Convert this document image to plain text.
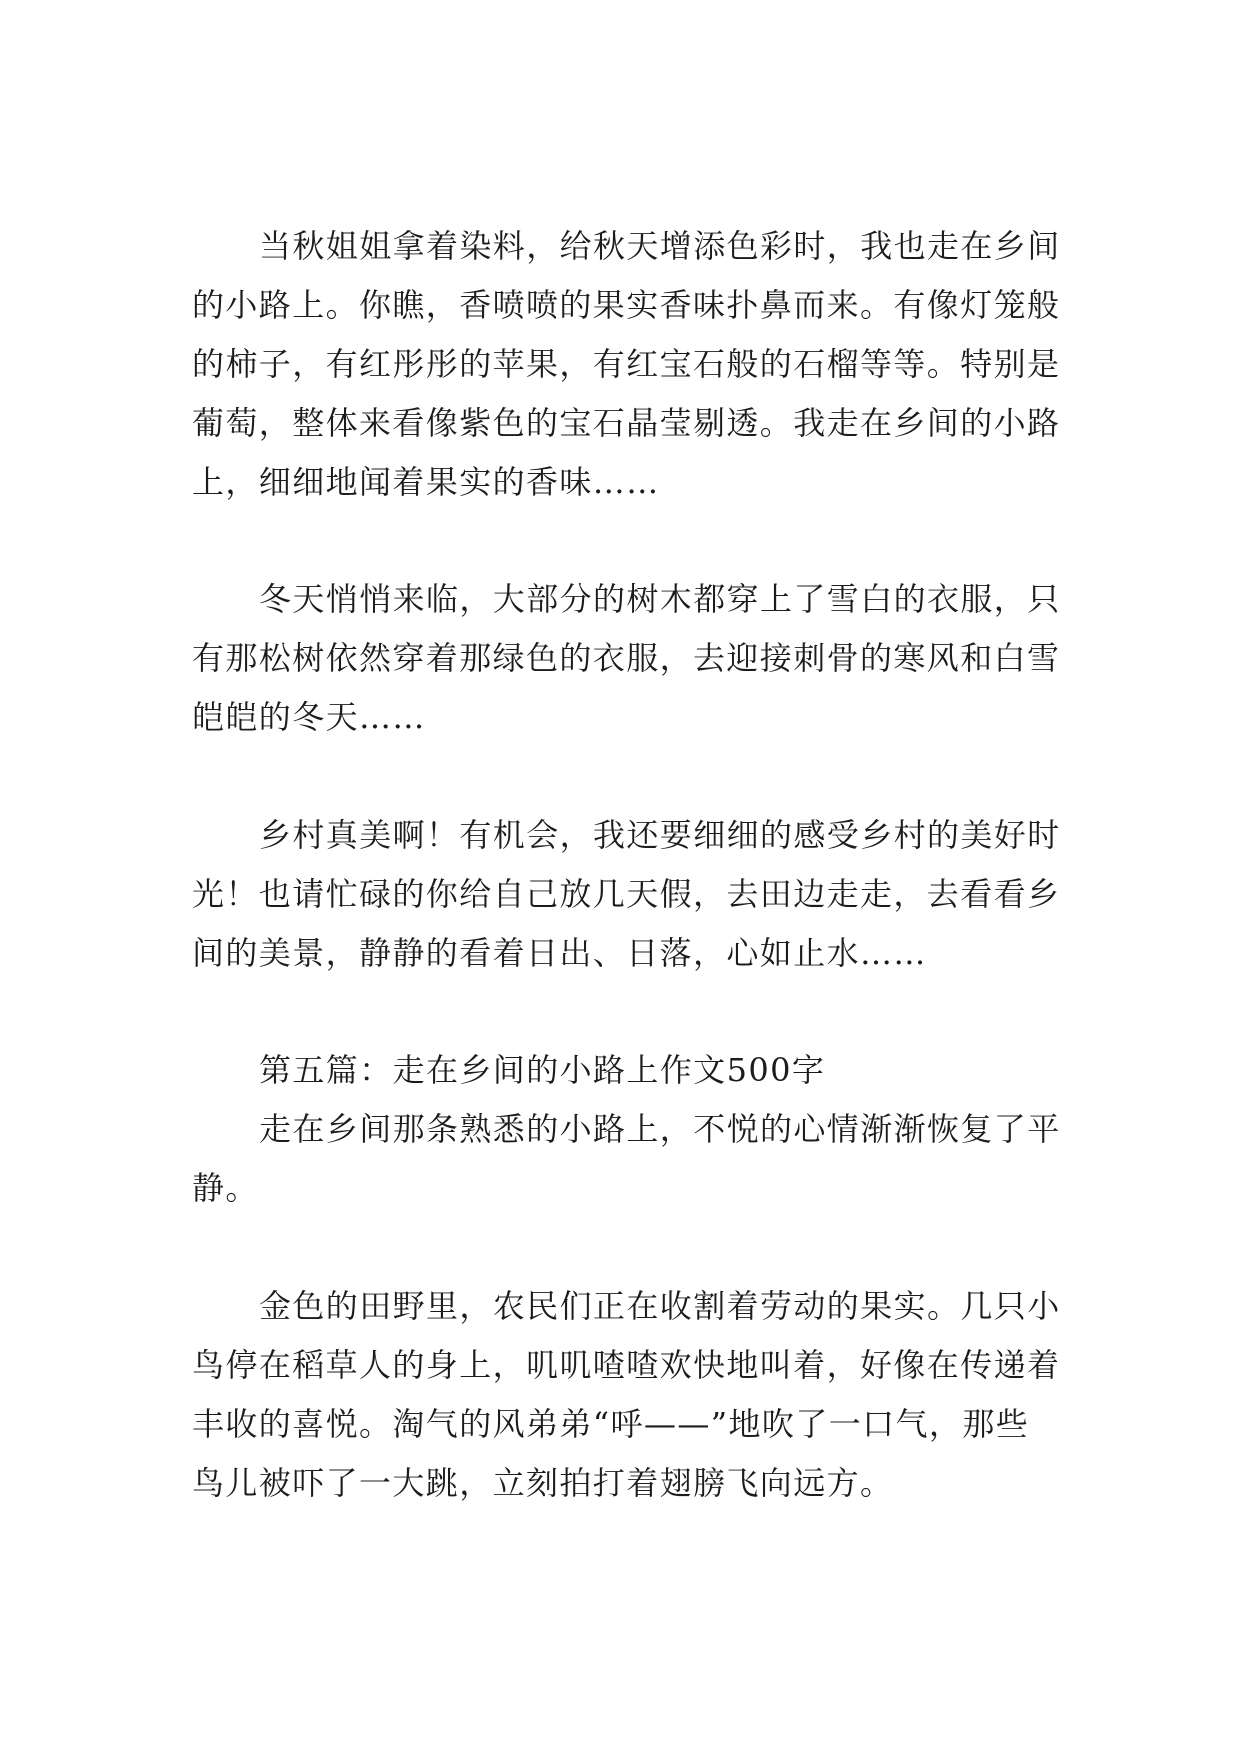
当秋姐姐拿着染料，给秋天增添色彩时，我也走在乡间
的小路上。你瞧，香喷喷的果实香味扑鼻而来。有像灯笼般
的柿子，有红彤彤的苹果，有红宝石般的石榴等等。特别是
葡萄，整体来看像紫色的宝石晶莹剔透。我走在乡间的小路
上，细细地闻着果实的香味……
冬天悄悄来临，大部分的树木都穿上了雪白的衣服，只
有那松树依然穿着那绿色的衣服，去迎接刺骨的寒风和白雪
皑皑的冬天……
乡村真美啊！有机会，我还要细细的感受乡村的美好时
光！也请忙碌的你给自己放几天假，去田边走走，去看看乡
间的美景，静静的看着日出、日落，心如止水……
第五篇：走在乡间的小路上作文500字
走在乡间那条熟悉的小路上，不悦的心情渐渐恢复了平
静。
金色的田野里，农民们正在收割着劳动的果实。几只小
鸟停在稻草人的身上，叽叽喳喳欢快地叫着，好像在传递着
丰收的喜悦。淘气的风弟弟“呼——”地吹了一口气，那些
鸟儿被吓了一大跳，立刻拍打着翅膀飞向远方。
